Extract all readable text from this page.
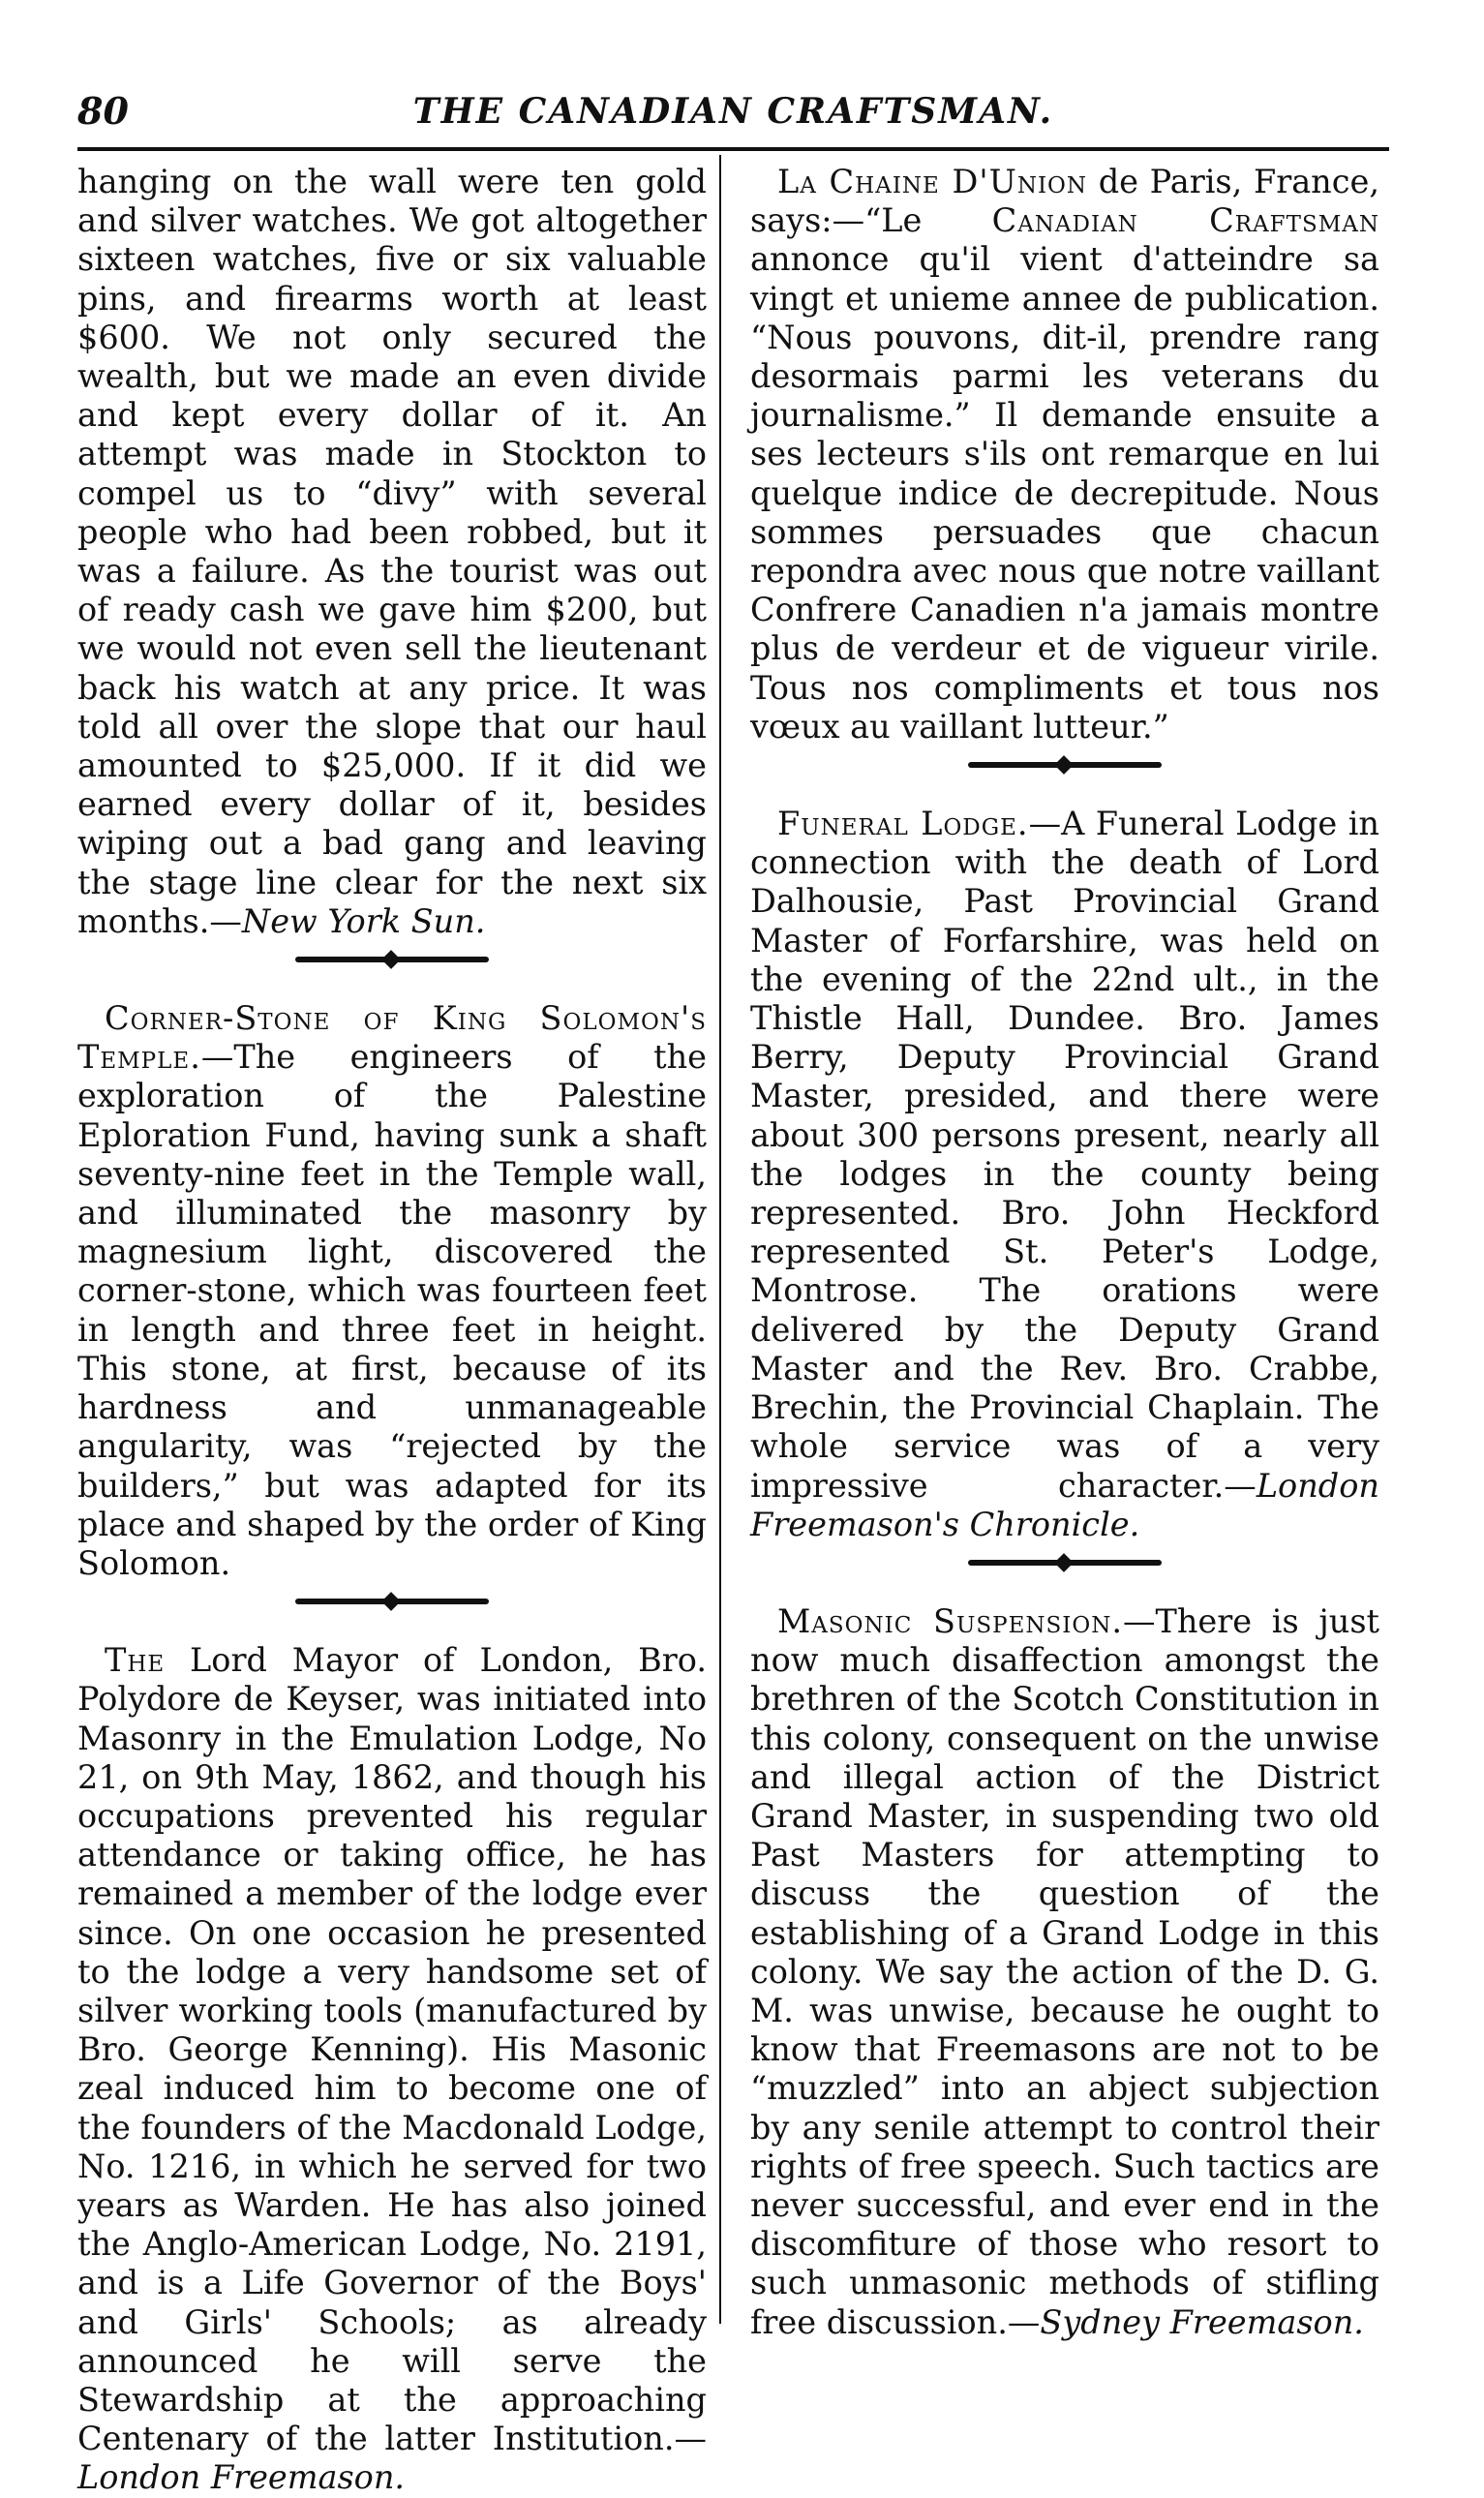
80	THE CANADIAN CRAFTSMAN.

hanging on the wall were ten gold and silver watches. We got altogether sixteen watches, five or six valuable pins, and firearms worth at least $600. We not only secured the wealth, but we made an even divide and kept every dollar of it. An attempt was made in Stockton to compel us to “divy” with several people who had been robbed, but it was a failure. As the tourist was out of ready cash we gave him $200, but we would not even sell the lieutenant back his watch at any price. It was told all over the slope that our haul amounted to $25,000. If it did we earned every dollar of it, besides wiping out a bad gang and leaving the stage line clear for the next six months.—New York Sun.

Corner-Stone of King Solomon's Temple.—The engineers of the exploration of the Palestine Eploration Fund, having sunk a shaft seventy-nine feet in the Temple wall, and illuminated the masonry by magnesium light, discovered the corner-stone, which was fourteen feet in length and three feet in height. This stone, at first, because of its hardness and unmanageable angularity, was “rejected by the builders,” but was adapted for its place and shaped by the order of King Solomon.

The Lord Mayor of London, Bro. Polydore de Keyser, was initiated into Masonry in the Emulation Lodge, No 21, on 9th May, 1862, and though his occupations prevented his regular attendance or taking office, he has remained a member of the lodge ever since. On one occasion he presented to the lodge a very handsome set of silver working tools (manufactured by Bro. George Kenning). His Masonic zeal induced him to become one of the founders of the Macdonald Lodge, No. 1216, in which he served for two years as Warden. He has also joined the Anglo-American Lodge, No. 2191, and is a Life Governor of the Boys' and Girls' Schools; as already announced he will serve the Stewardship at the approaching Centenary of the latter Institution.—London Freemason.

La Chaine D'Union de Paris, France, says:—“Le Canadian Craftsman annonce qu'il vient d'atteindre sa vingt et unieme annee de publication. “Nous pouvons, dit-il, prendre rang desormais parmi les veterans du journalisme.” Il demande ensuite a ses lecteurs s'ils ont remarque en lui quelque indice de decrepitude. Nous sommes persuades que chacun repondra avec nous que notre vaillant Confrere Canadien n'a jamais montre plus de verdeur et de vigueur virile. Tous nos compliments et tous nos vœux au vaillant lutteur.”

Funeral Lodge.—A Funeral Lodge in connection with the death of Lord Dalhousie, Past Provincial Grand Master of Forfarshire, was held on the evening of the 22nd ult., in the Thistle Hall, Dundee. Bro. James Berry, Deputy Provincial Grand Master, presided, and there were about 300 persons present, nearly all the lodges in the county being represented. Bro. John Heckford represented St. Peter's Lodge, Montrose. The orations were delivered by the Deputy Grand Master and the Rev. Bro. Crabbe, Brechin, the Provincial Chaplain. The whole service was of a very impressive character.—London Freemason's Chronicle.

Masonic Suspension.—There is just now much disaffection amongst the brethren of the Scotch Constitution in this colony, consequent on the unwise and illegal action of the District Grand Master, in suspending two old Past Masters for attempting to discuss the question of the establishing of a Grand Lodge in this colony. We say the action of the D. G. M. was unwise, because he ought to know that Freemasons are not to be “muzzled” into an abject subjection by any senile attempt to control their rights of free speech. Such tactics are never successful, and ever end in the discomfiture of those who resort to such unmasonic methods of stifling free discussion.—Sydney Freemason.
